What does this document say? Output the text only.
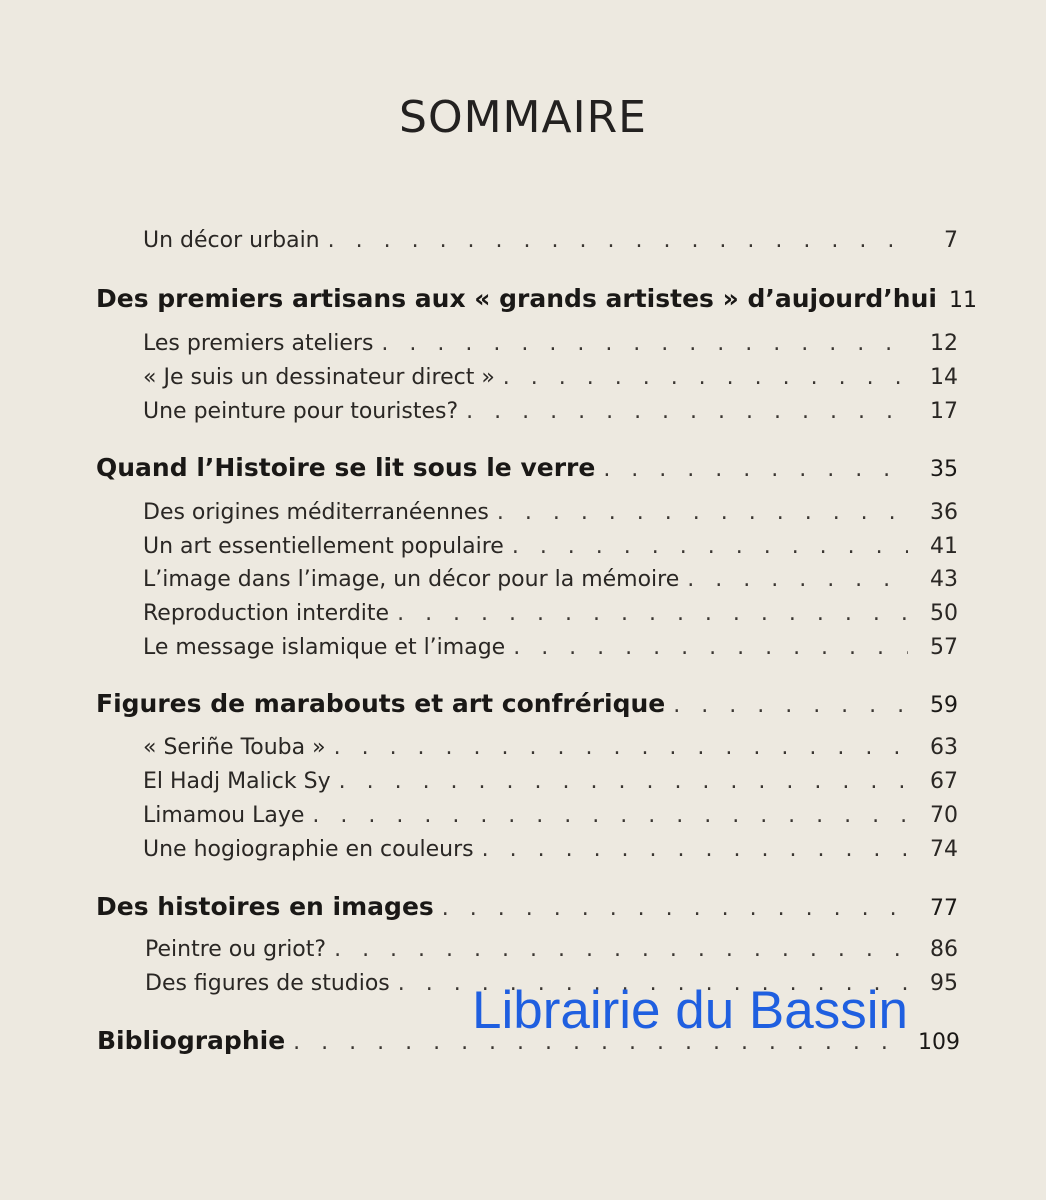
SOMMAIRE
Un décor urbain . . .	7
Des premiers artisans aux « grands artistes » d’aujourd’hui 11
Les premiers ateliers . . .	12
« Je suis un dessinateur direct » . . .	14
Une peinture pour touristes? . . .	17
Quand l’Histoire se lit sous le verre . . .	35
Des origines méditerranéennes . . .	36
Un art essentiellement populaire . . .	41
L’image dans l’image, un décor pour la mémoire . . .	43
Reproduction interdite . . .	50
Le message islamique et l’image . . .	57
Figures de marabouts et art confrérique . . .	59
« Seriñe Touba » . . .	63
El Hadj Malick Sy . . .	67
Limamou Laye . . .	70
Une hogiographie en couleurs . . .	74
Des histoires en images . . .	77
Peintre ou griot? . . .	86
Des figures de studios . . .	95
Bibliographie . . .	109
Librairie du Bassin
